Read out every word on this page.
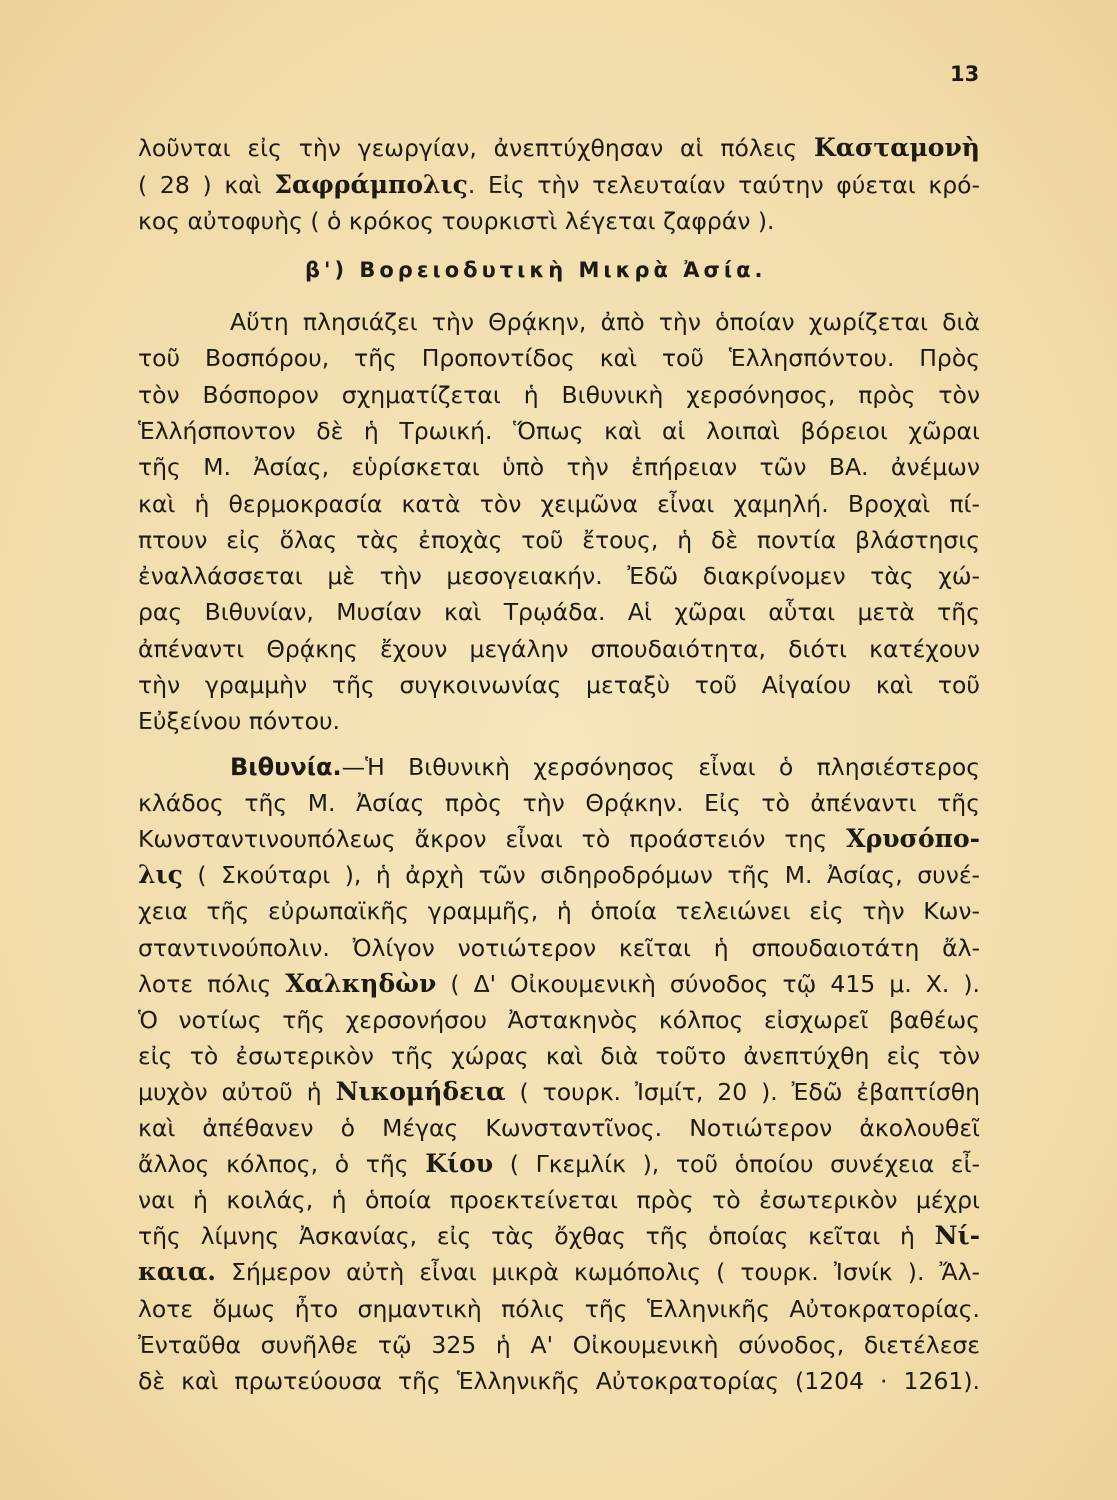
13
λοῦνται εἰς τὴν γεωργίαν, ἀνεπτύχθησαν αἱ πόλεις Κασταμονὴ
( 28 ) καὶ Σαφράμπολις. Εἰς τὴν τελευταίαν ταύτην φύεται κρό-
κος αὐτοφυὴς ( ὁ κρόκος τουρκιστὶ λέγεται ζαφράν ).
β') Βορειοδυτικὴ Μικρὰ Ἀσία.
Αὕτη πλησιάζει τὴν Θρᾴκην, ἀπὸ τὴν ὁποίαν χωρίζεται διὰ
τοῦ Βοσπόρου, τῆς Προποντίδος καὶ τοῦ Ἑλλησπόντου. Πρὸς
τὸν Βόσπορον σχηματίζεται ἡ Βιθυνικὴ χερσόνησος, πρὸς τὸν
Ἑλλήσποντον δὲ ἡ Τρωική. Ὅπως καὶ αἱ λοιπαὶ βόρειοι χῶραι
τῆς Μ. Ἀσίας, εὑρίσκεται ὑπὸ τὴν ἐπήρειαν τῶν ΒΑ. ἀνέμων
καὶ ἡ θερμοκρασία κατὰ τὸν χειμῶνα εἶναι χαμηλή. Βροχαὶ πί-
πτουν εἰς ὅλας τὰς ἐποχὰς τοῦ ἔτους, ἡ δὲ ποντία βλάστησις
ἐναλλάσσεται μὲ τὴν μεσογειακήν. Ἐδῶ διακρίνομεν τὰς χώ-
ρας Βιθυνίαν, Μυσίαν καὶ Τρῳάδα. Αἱ χῶραι αὗται μετὰ τῆς
ἀπέναντι Θρᾴκης ἔχουν μεγάλην σπουδαιότητα, διότι κατέχουν
τὴν γραμμὴν τῆς συγκοινωνίας μεταξὺ τοῦ Αἰγαίου καὶ τοῦ
Εὐξείνου πόντου.
Βιθυνία.—Ἡ Βιθυνικὴ χερσόνησος εἶναι ὁ πλησιέστερος
κλάδος τῆς Μ. Ἀσίας πρὸς τὴν Θρᾴκην. Εἰς τὸ ἀπέναντι τῆς
Κωνσταντινουπόλεως ἄκρον εἶναι τὸ προάστειόν της Χρυσόπο-
λις ( Σκούταρι ), ἡ ἀρχὴ τῶν σιδηροδρόμων τῆς Μ. Ἀσίας, συνέ-
χεια τῆς εὐρωπαϊκῆς γραμμῆς, ἡ ὁποία τελειώνει εἰς τὴν Κων-
σταντινούπολιν. Ὀλίγον νοτιώτερον κεῖται ἡ σπουδαιοτάτη ἄλ-
λοτε πόλις Χαλκηδὼν ( Δ' Οἰκουμενικὴ σύνοδος τῷ 415 μ. Χ. ).
Ὁ νοτίως τῆς χερσονήσου Ἀστακηνὸς κόλπος εἰσχωρεῖ βαθέως
εἰς τὸ ἐσωτερικὸν τῆς χώρας καὶ διὰ τοῦτο ἀνεπτύχθη εἰς τὸν
μυχὸν αὐτοῦ ἡ Νικομήδεια ( τουρκ. Ἰσμίτ, 20 ). Ἐδῶ ἐβαπτίσθη
καὶ ἀπέθανεν ὁ Μέγας Κωνσταντῖνος. Νοτιώτερον ἀκολουθεῖ
ἄλλος κόλπος, ὁ τῆς Κίου ( Γκεμλίκ ), τοῦ ὁποίου συνέχεια εἶ-
ναι ἡ κοιλάς, ἡ ὁποία προεκτείνεται πρὸς τὸ ἐσωτερικὸν μέχρι
τῆς λίμνης Ἀσκανίας, εἰς τὰς ὄχθας τῆς ὁποίας κεῖται ἡ Νί-
καια. Σήμερον αὐτὴ εἶναι μικρὰ κωμόπολις ( τουρκ. Ἰσνίκ ). Ἄλ-
λοτε ὅμως ἦτο σημαντικὴ πόλις τῆς Ἑλληνικῆς Αὐτοκρατορίας.
Ἐνταῦθα συνῆλθε τῷ 325 ἡ Α' Οἰκουμενικὴ σύνοδος, διετέλεσε
δὲ καὶ πρωτεύουσα τῆς Ἑλληνικῆς Αὐτοκρατορίας (1204 · 1261).
